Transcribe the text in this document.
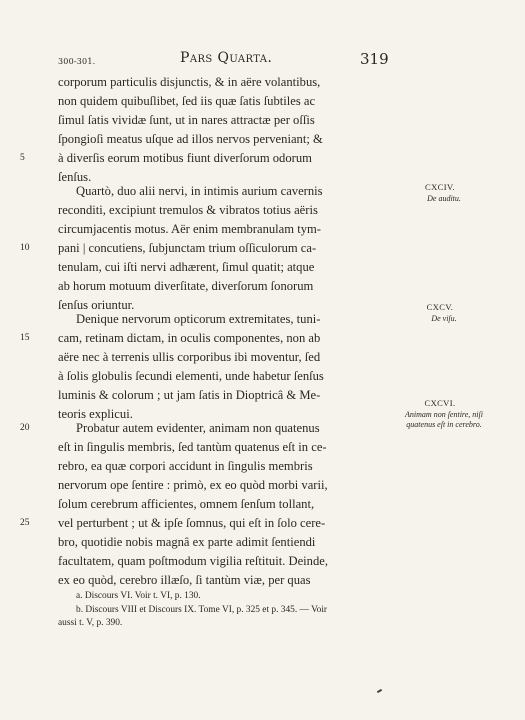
300-301.	Pars Quarta.	319
corporum particulis disjunctis, & in aëre volantibus,
non quidem quibuſlibet, ſed iis quæ ſatis ſubtiles ac
ſimul ſatis vividæ ſunt, ut in nares attractæ per oſſis
ſpongioſi meatus uſque ad illos nervos perveniant; &
à diverſis eorum motibus fiunt diverſorum odorum
ſenſus.
Quartò, duo alii nervi, in intimis aurium cavernis
reconditi, excipiunt tremulos & vibratos totius aëris
circumjacentis motus. Aër enim membranulam tym-
pani | concutiens, ſubjunctam trium oſſiculorum ca-
tenulam, cui iſti nervi adhærent, ſimul quatit; atque
ab horum motuum diverſitate, diverſorum ſonorum
ſenſus oriuntur.
Denique nervorum opticorum extremitates, tuni-
cam, retinam dictam, in oculis componentes, non ab
aëre nec à terrenis ullis corporibus ibi moventur, ſed
à ſolis globulis ſecundi elementi, unde habetur ſenſus
luminis & colorum ; ut jam ſatis in Dioptricâ & Me-
teoris explicui.
Probatur autem evidenter, animam non quatenus
eſt in ſingulis membris, ſed tantùm quatenus eſt in ce-
rebro, ea quæ corpori accidunt in ſingulis membris
nervorum ope ſentire : primò, ex eo quòd morbi varii,
ſolum cerebrum afficientes, omnem ſenſum tollant,
vel perturbent ; ut & ipſe ſomnus, qui eſt in ſolo cere-
bro, quotidie nobis magnâ ex parte adimit ſentiendi
facultatem, quam poſtmodum vigilia reſtituit. Deinde,
ex eo quòd, cerebro illæſo, ſi tantùm viæ, per quas
5
10
15
20
25
CXCIV.
De auditu.
CXCV.
De viſu.
CXCVI.
Animam non ſentire, niſi quatenus eſt in cerebro.
a. Discours VI. Voir t. VI, p. 130.
b. Discours VIII et Discours IX. Tome VI, p. 325 et p. 345. — Voir
aussi t. V, p. 390.
